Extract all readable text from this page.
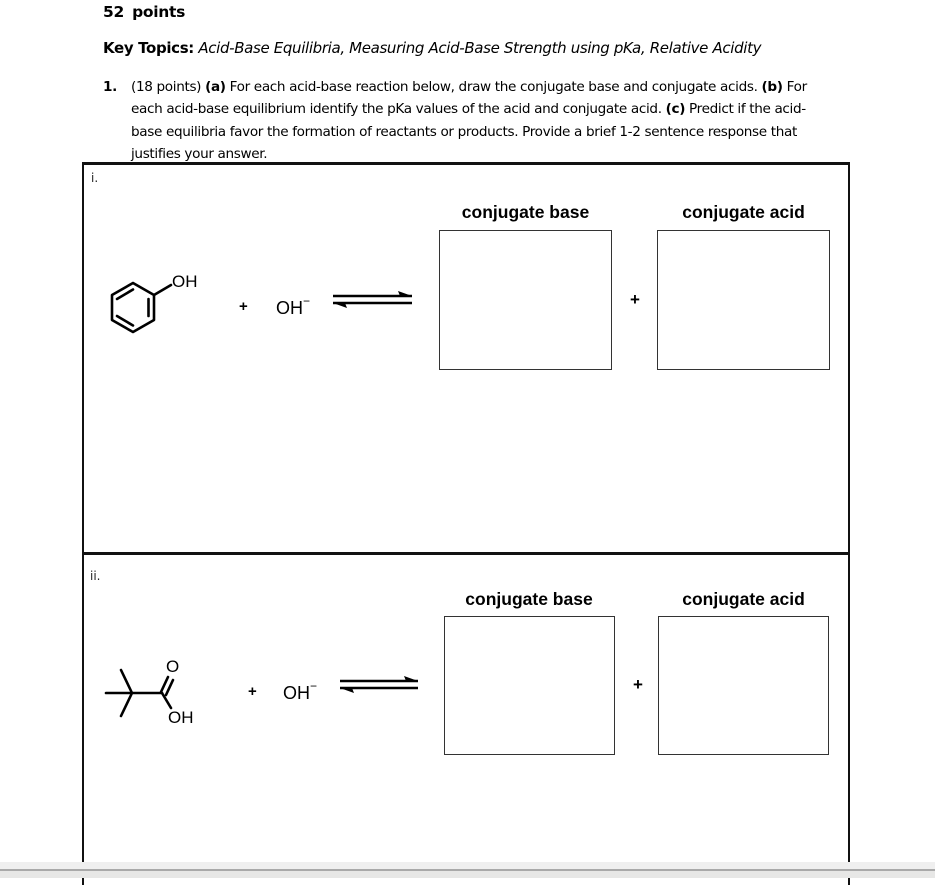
52 points
Key Topics: Acid-Base Equilibria, Measuring Acid-Base Strength using pKa, Relative Acidity
1. (18 points) (a) For each acid-base reaction below, draw the conjugate base and conjugate acids. (b) For each acid-base equilibrium identify the pKa values of the acid and conjugate acid. (c) Predict if the acid-base equilibria favor the formation of reactants or products. Provide a brief 1-2 sentence response that justifies your answer.
i.
OH
+ OH−
conjugate base	conjugate acid
+
ii.
O
OH
+ OH−
conjugate base	conjugate acid
+
